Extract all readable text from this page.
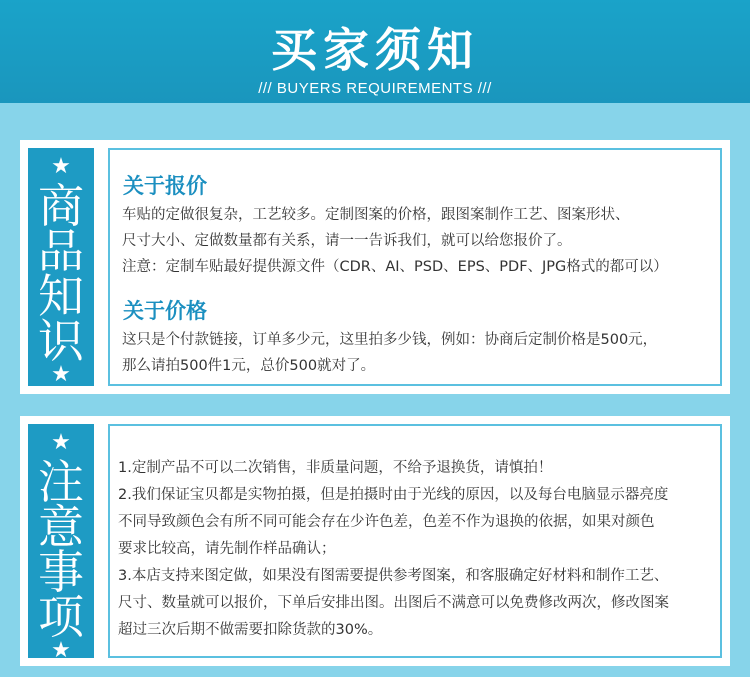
买家须知
/// BUYERS REQUIREMENTS ///
★
商品知识
★
关于报价
车贴的定做很复杂，工艺较多。定制图案的价格，跟图案制作工艺、图案形状、
尺寸大小、定做数量都有关系，请一一告诉我们，就可以给您报价了。
注意：定制车贴最好提供源文件（CDR、AI、PSD、EPS、PDF、JPG格式的都可以）
关于价格
这只是个付款链接，订单多少元，这里拍多少钱，例如：协商后定制价格是500元，
那么请拍500件1元，总价500就对了。
★
注意事项
★
1.定制产品不可以二次销售，非质量问题，不给予退换货，请慎拍！
2.我们保证宝贝都是实物拍摄，但是拍摄时由于光线的原因，以及每台电脑显示器亮度
不同导致颜色会有所不同可能会存在少许色差，色差不作为退换的依据，如果对颜色
要求比较高，请先制作样品确认；
3.本店支持来图定做，如果没有图需要提供参考图案，和客服确定好材料和制作工艺、
尺寸、数量就可以报价，下单后安排出图。出图后不满意可以免费修改两次，修改图案
超过三次后期不做需要扣除货款的30%。
